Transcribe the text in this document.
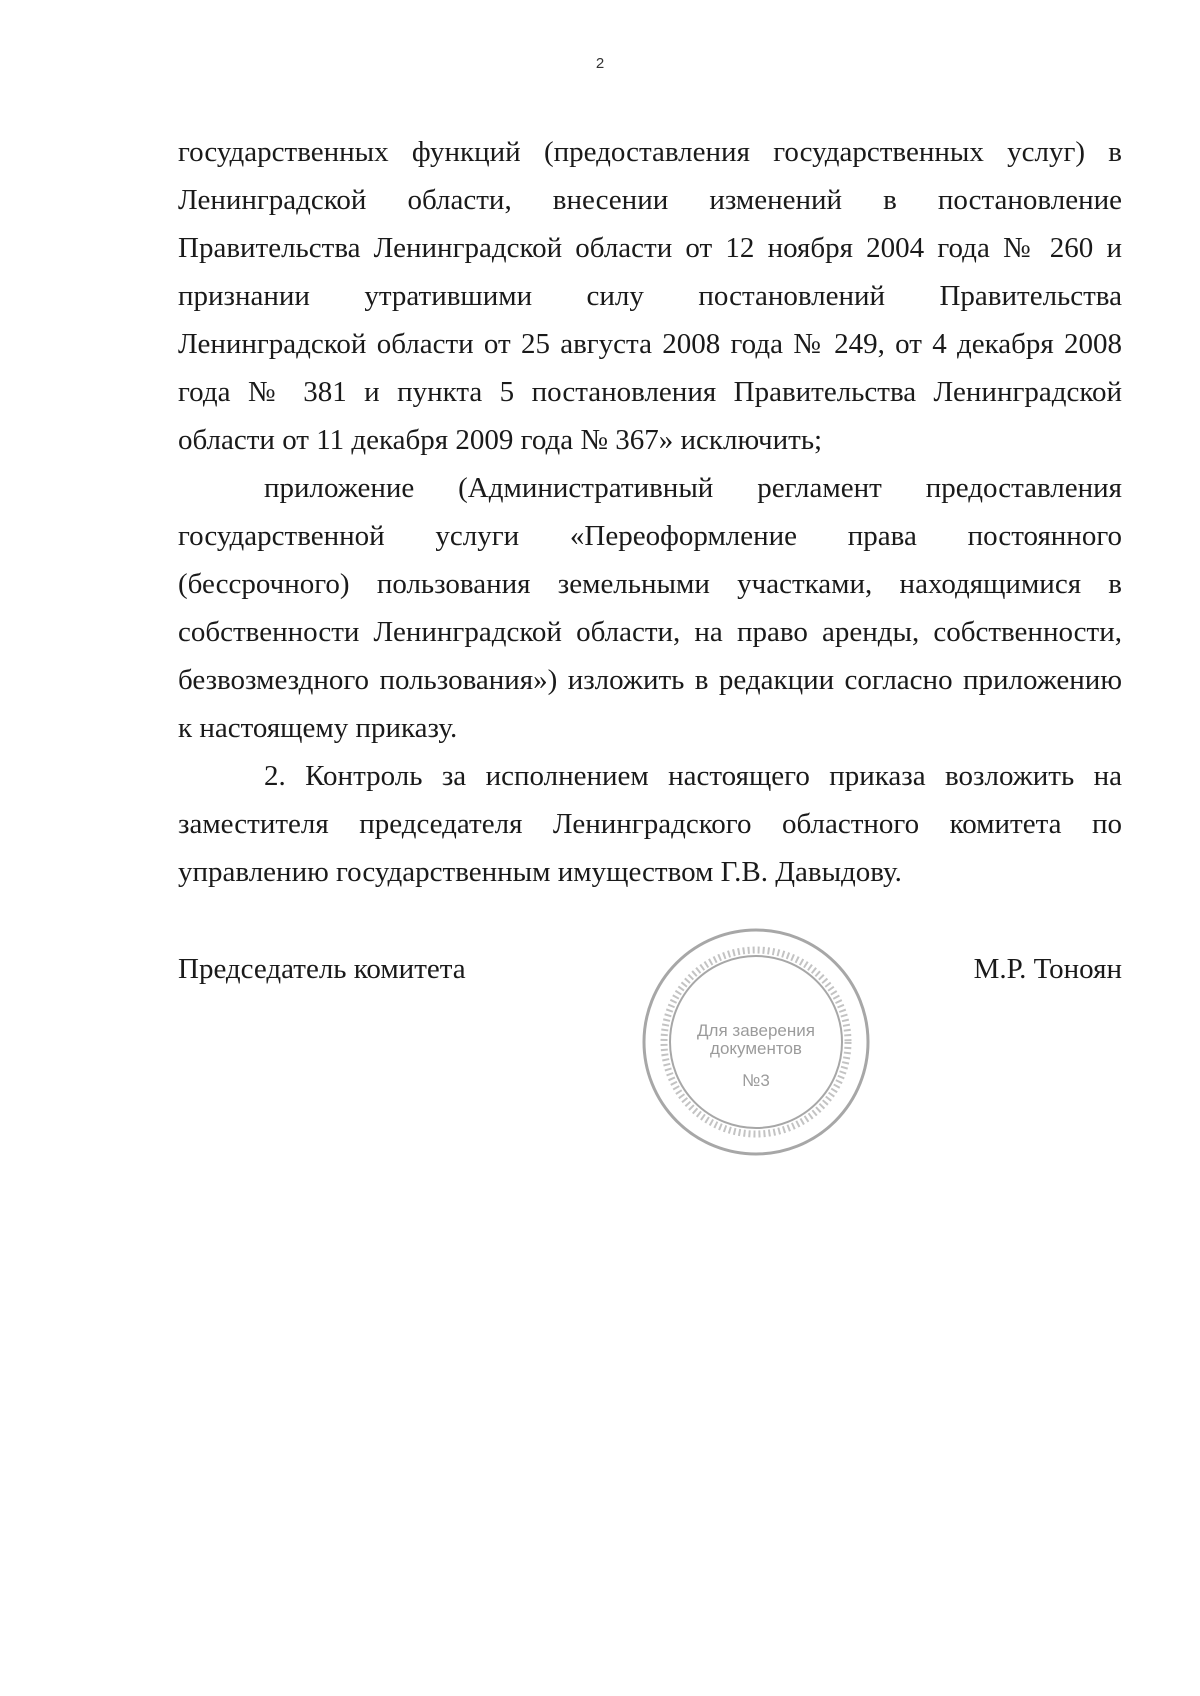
2

государственных функций (предоставления государственных услуг) в Ленинградской области, внесении изменений в постановление Правительства Ленинградской области от 12 ноября 2004 года № 260 и признании утратившими силу постановлений Правительства Ленинградской области от 25 августа 2008 года № 249, от 4 декабря 2008 года № 381 и пункта 5 постановления Правительства Ленинградской области от 11 декабря 2009 года № 367» исключить;

приложение (Административный регламент предоставления государственной услуги «Переоформление права постоянного (бессрочного) пользования земельными участками, находящимися в собственности Ленинградской области, на право аренды, собственности, безвозмездного пользования») изложить в редакции согласно приложению к настоящему приказу.

2. Контроль за исполнением настоящего приказа возложить на заместителя председателя Ленинградского областного комитета по управлению государственным имуществом Г.В. Давыдову.

Председатель комитета	М.Р. Тоноян
Для заверения
документов
№3
